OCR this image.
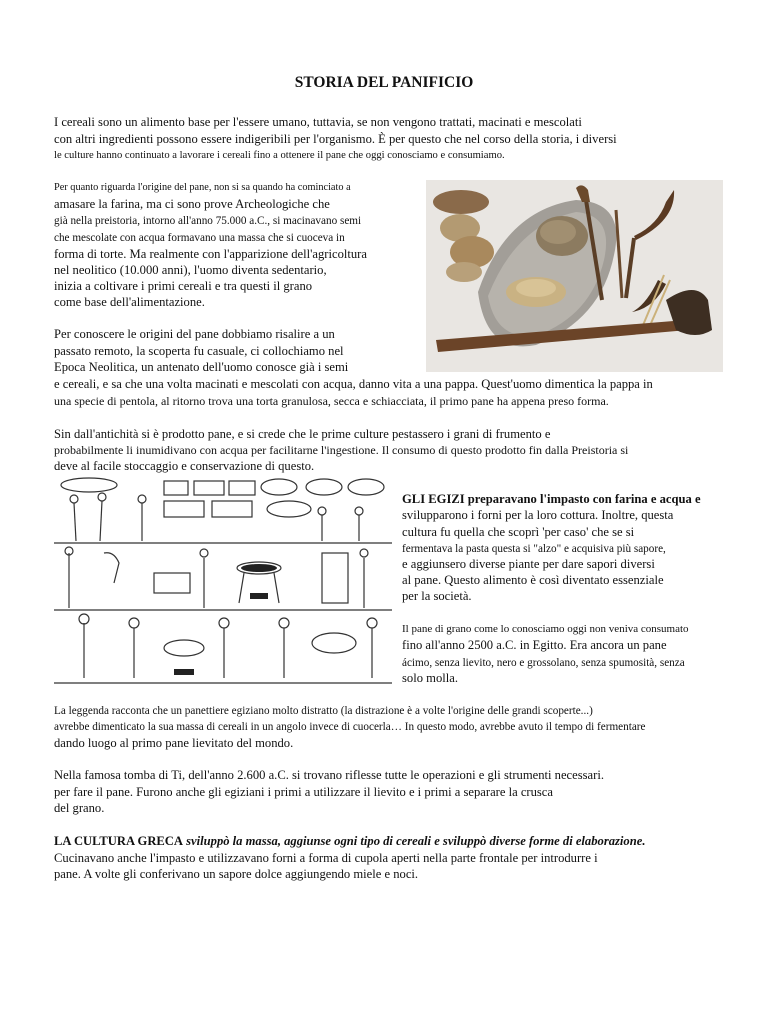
STORIA DEL PANIFICIO
I cereali sono un alimento base per l'essere umano, tuttavia, se non vengono trattati, macinati e mescolati
con altri ingredienti possono essere indigeribili per l'organismo. È per questo che nel corso della storia, i diversi
le culture hanno continuato a lavorare i cereali fino a ottenere il pane che oggi conosciamo e consumiamo.
Per quanto riguarda l'origine del pane, non si sa quando ha cominciato a
amasare la farina, ma ci sono prove Archeologiche che
già nella preistoria, intorno all'anno 75.000 a.C., si macinavano semi
che mescolate con acqua formavano una massa che si cuoceva in
forma di torte. Ma realmente con l'apparizione dell'agricoltura
nel neolitico (10.000 anni), l'uomo diventa sedentario,
inizia a coltivare i primi cereali e tra questi il grano
come base dell'alimentazione.
Per conoscere le origini del pane dobbiamo risalire a un
passato remoto, la scoperta fu casuale, ci collochiamo nel
Epoca Neolitica, un antenato dell'uomo conosce già i semi
e cereali, e sa che una volta macinati e mescolati con acqua, danno vita a una pappa. Quest'uomo dimentica la pappa in
una specie di pentola, al ritorno trova una torta granulosa, secca e schiacciata, il primo pane ha appena preso forma.
Sin dall'antichità si è prodotto pane, e si crede che le prime culture pestassero i grani di frumento e
probabilmente li inumidivano con acqua per facilitarne l'ingestione. Il consumo di questo prodotto fin dalla Preistoria si
deve al facile stoccaggio e conservazione di questo.
GLI EGIZI preparavano l'impasto con farina e acqua e
svilupparono i forni per la loro cottura. Inoltre, questa
cultura fu quella che scoprì 'per caso' che se si
fermentava la pasta questa si "alzo" e acquisiva più sapore,
e aggiunsero diverse piante per dare sapori diversi
al pane. Questo alimento è così diventato essenziale
per la società.
Il pane di grano come lo conosciamo oggi non veniva consumato
fino all'anno 2500 a.C. in Egitto. Era ancora un pane
ácimo, senza lievito, nero e grossolano, senza spumosità, senza
solo molla.
La leggenda racconta che un panettiere egiziano molto distratto (la distrazione è a volte l'origine delle grandi scoperte...)
avrebbe dimenticato la sua massa di cereali in un angolo invece di cuocerla… In questo modo, avrebbe avuto il tempo di fermentare
dando luogo al primo pane lievitato del mondo.
Nella famosa tomba di Ti, dell'anno 2.600 a.C. si trovano riflesse tutte le operazioni e gli strumenti necessari.
per fare il pane. Furono anche gli egiziani i primi a utilizzare il lievito e i primi a separare la crusca
del grano.
LA CULTURA GRECA sviluppò la massa, aggiunse ogni tipo di cereali e sviluppò diverse forme di elaborazione.
Cucinavano anche l'impasto e utilizzavano forni a forma di cupola aperti nella parte frontale per introdurre i
pane. A volte gli conferivano un sapore dolce aggiungendo miele e noci.
